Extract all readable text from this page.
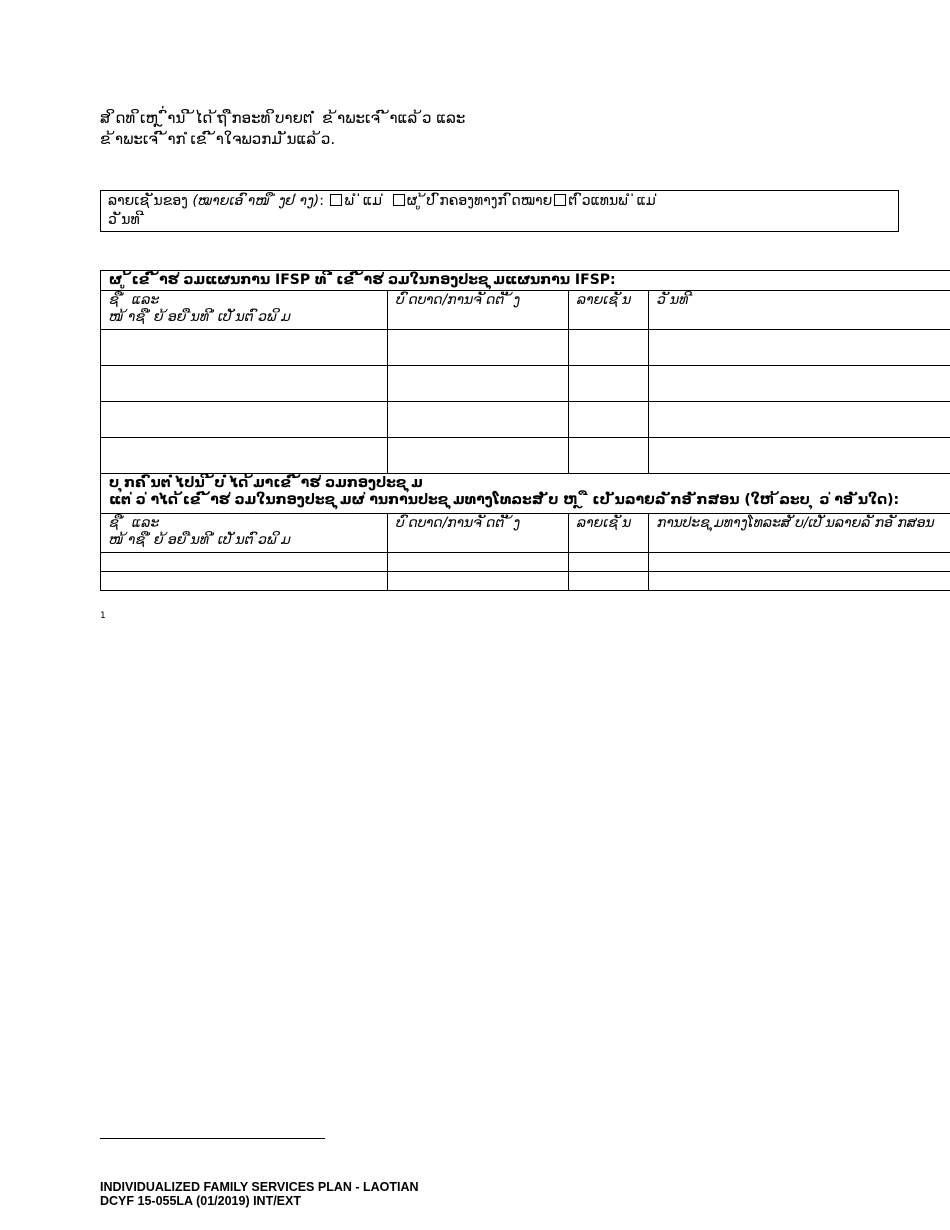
ສ ິດທ ິເຫ ຼ ົ່ານ ີ ້ໄດ ້ຖ ືກອະທ ິບາຍຕ ໍ່ ຂ ້າພະເຈ ົ ້າແລ ້ວ ແລະ
ຂ ້າພະເຈ ົ ້າກ ໍເຂ ົ ້າໃຈພວກມ ັນແລ ້ວ.
ລາຍເຊ ັນຂອງ (ໝາຍເອ ົາໜ ຶ ່ງຢ ່າງ): ພ ໍ ່ແມ ່ ຜ ູ ້ປ ົກຄອງທາງກ ົດໝາຍ ຕ ົວແທນພ ໍ ່ແມ ່
ວ ັນທ ີ
ຜ ູ ້ເຂ ົ ້າຮ ່ວມແຜນການ IFSP ທ ີ ່ເຂ ົ ້າຮ ່ວມໃນກອງປະຊ ຸມແຜນການ IFSP:			

ຊ ື ່ ແລະ
ໜ ້າຊ ື ່ຍ ້ອຍ ືນທ ີ ່ເປ ັນຕ ົວພ ິມ	ບ ົດບາດ/ການຈ ັດຕ ັ ້ງ	ລາຍເຊ ັນ	ວ ັນທ ີ

ບ ຸກຄ ົນຕ ່ໍໄປນ ີ ້ບ ໍ່ໄດ ້ມາເຂ ົ ້າຮ ່ວມກອງປະຊ ຸມ
ແຕ ່ວ ່າໄດ ້ເຂ ົ ້າຮ ່ວມໃນກອງປະຊ ຸມຜ ່ານການປະຊ ຸມທາງໂທລະສ ັບ ຫ ຼ ື ເປ ັນລາຍລ ັກອ ັກສອນ (ໃຫ ້ລະບ ຸ ວ ່າອ ັນໃດ):			

ຊ ື ່ ແລະ
ໜ ້າຊ ື ່ຍ ້ອຍ ືນທ ີ ່ເປ ັນຕ ົວພ ິມ	ບ ົດບາດ/ການຈ ັດຕ ັ ້ງ	ລາຍເຊ ັນ	ການປະຊ ຸມທາງໂທລະສ ັບ/ເປ ັນລາຍລ ັກອ ັກສອນ

1
INDIVIDUALIZED FAMILY SERVICES PLAN - LAOTIAN
DCYF 15-055LA (01/2019) INT/EXT
